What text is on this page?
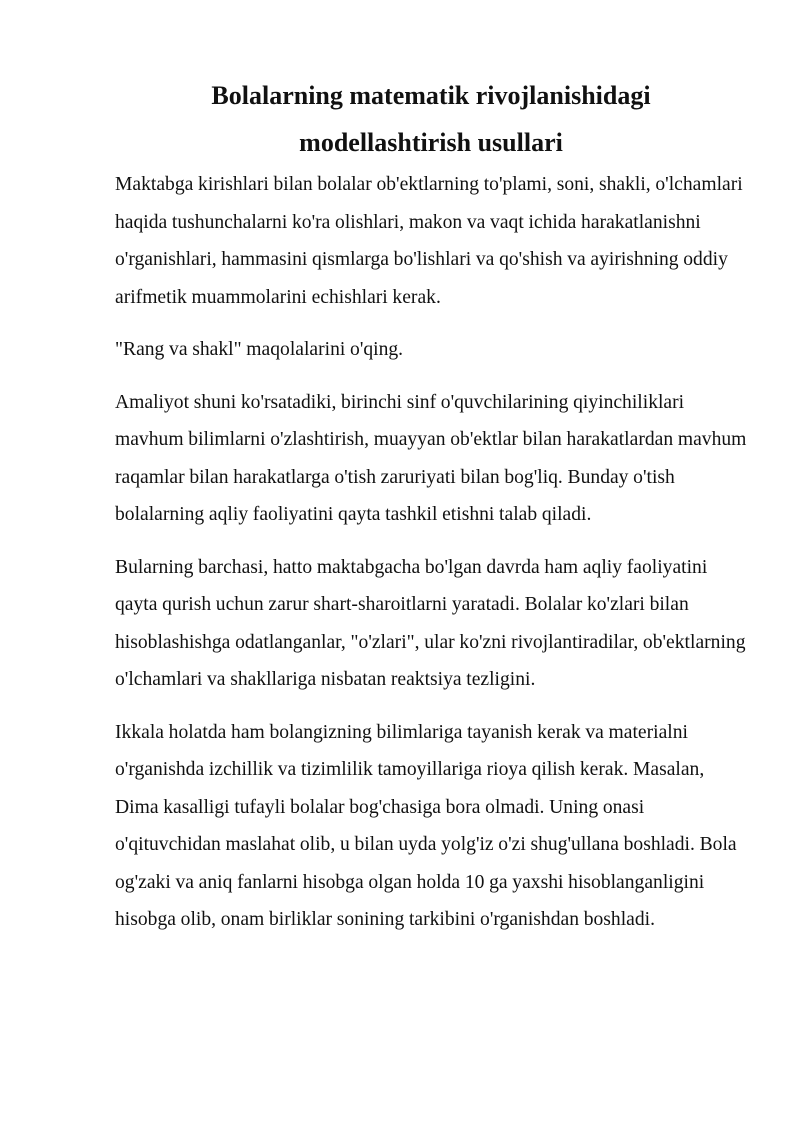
Bolalarning matematik rivojlanishidagi
modellashtirish usullari

Maktabga kirishlari bilan bolalar ob'ektlarning to'plami, soni, shakli, o'lchamlari haqida tushunchalarni ko'ra olishlari, makon va vaqt ichida harakatlanishni o'rganishlari, hammasini qismlarga bo'lishlari va qo'shish va ayirishning oddiy arifmetik muammolarini echishlari kerak.

"Rang va shakl" maqolalarini o'qing.

Amaliyot shuni ko'rsatadiki, birinchi sinf o'quvchilarining qiyinchiliklari mavhum bilimlarni o'zlashtirish, muayyan ob'ektlar bilan harakatlardan mavhum raqamlar bilan harakatlarga o'tish zaruriyati bilan bog'liq. Bunday o'tish bolalarning aqliy faoliyatini qayta tashkil etishni talab qiladi.

Bularning barchasi, hatto maktabgacha bo'lgan davrda ham aqliy faoliyatini qayta qurish uchun zarur shart-sharoitlarni yaratadi. Bolalar ko'zlari bilan hisoblashishga odatlanganlar, "o'zlari", ular ko'zni rivojlantiradilar, ob'ektlarning o'lchamlari va shakllariga nisbatan reaktsiya tezligini.

Ikkala holatda ham bolangizning bilimlariga tayanish kerak va materialni o'rganishda izchillik va tizimlilik tamoyillariga rioya qilish kerak. Masalan, Dima kasalligi tufayli bolalar bog'chasiga bora olmadi. Uning onasi o'qituvchidan maslahat olib, u bilan uyda yolg'iz o'zi shug'ullana boshladi. Bola og'zaki va aniq fanlarni hisobga olgan holda 10 ga yaxshi hisoblanganligini hisobga olib, onam birliklar sonining tarkibini o'rganishdan boshladi.
